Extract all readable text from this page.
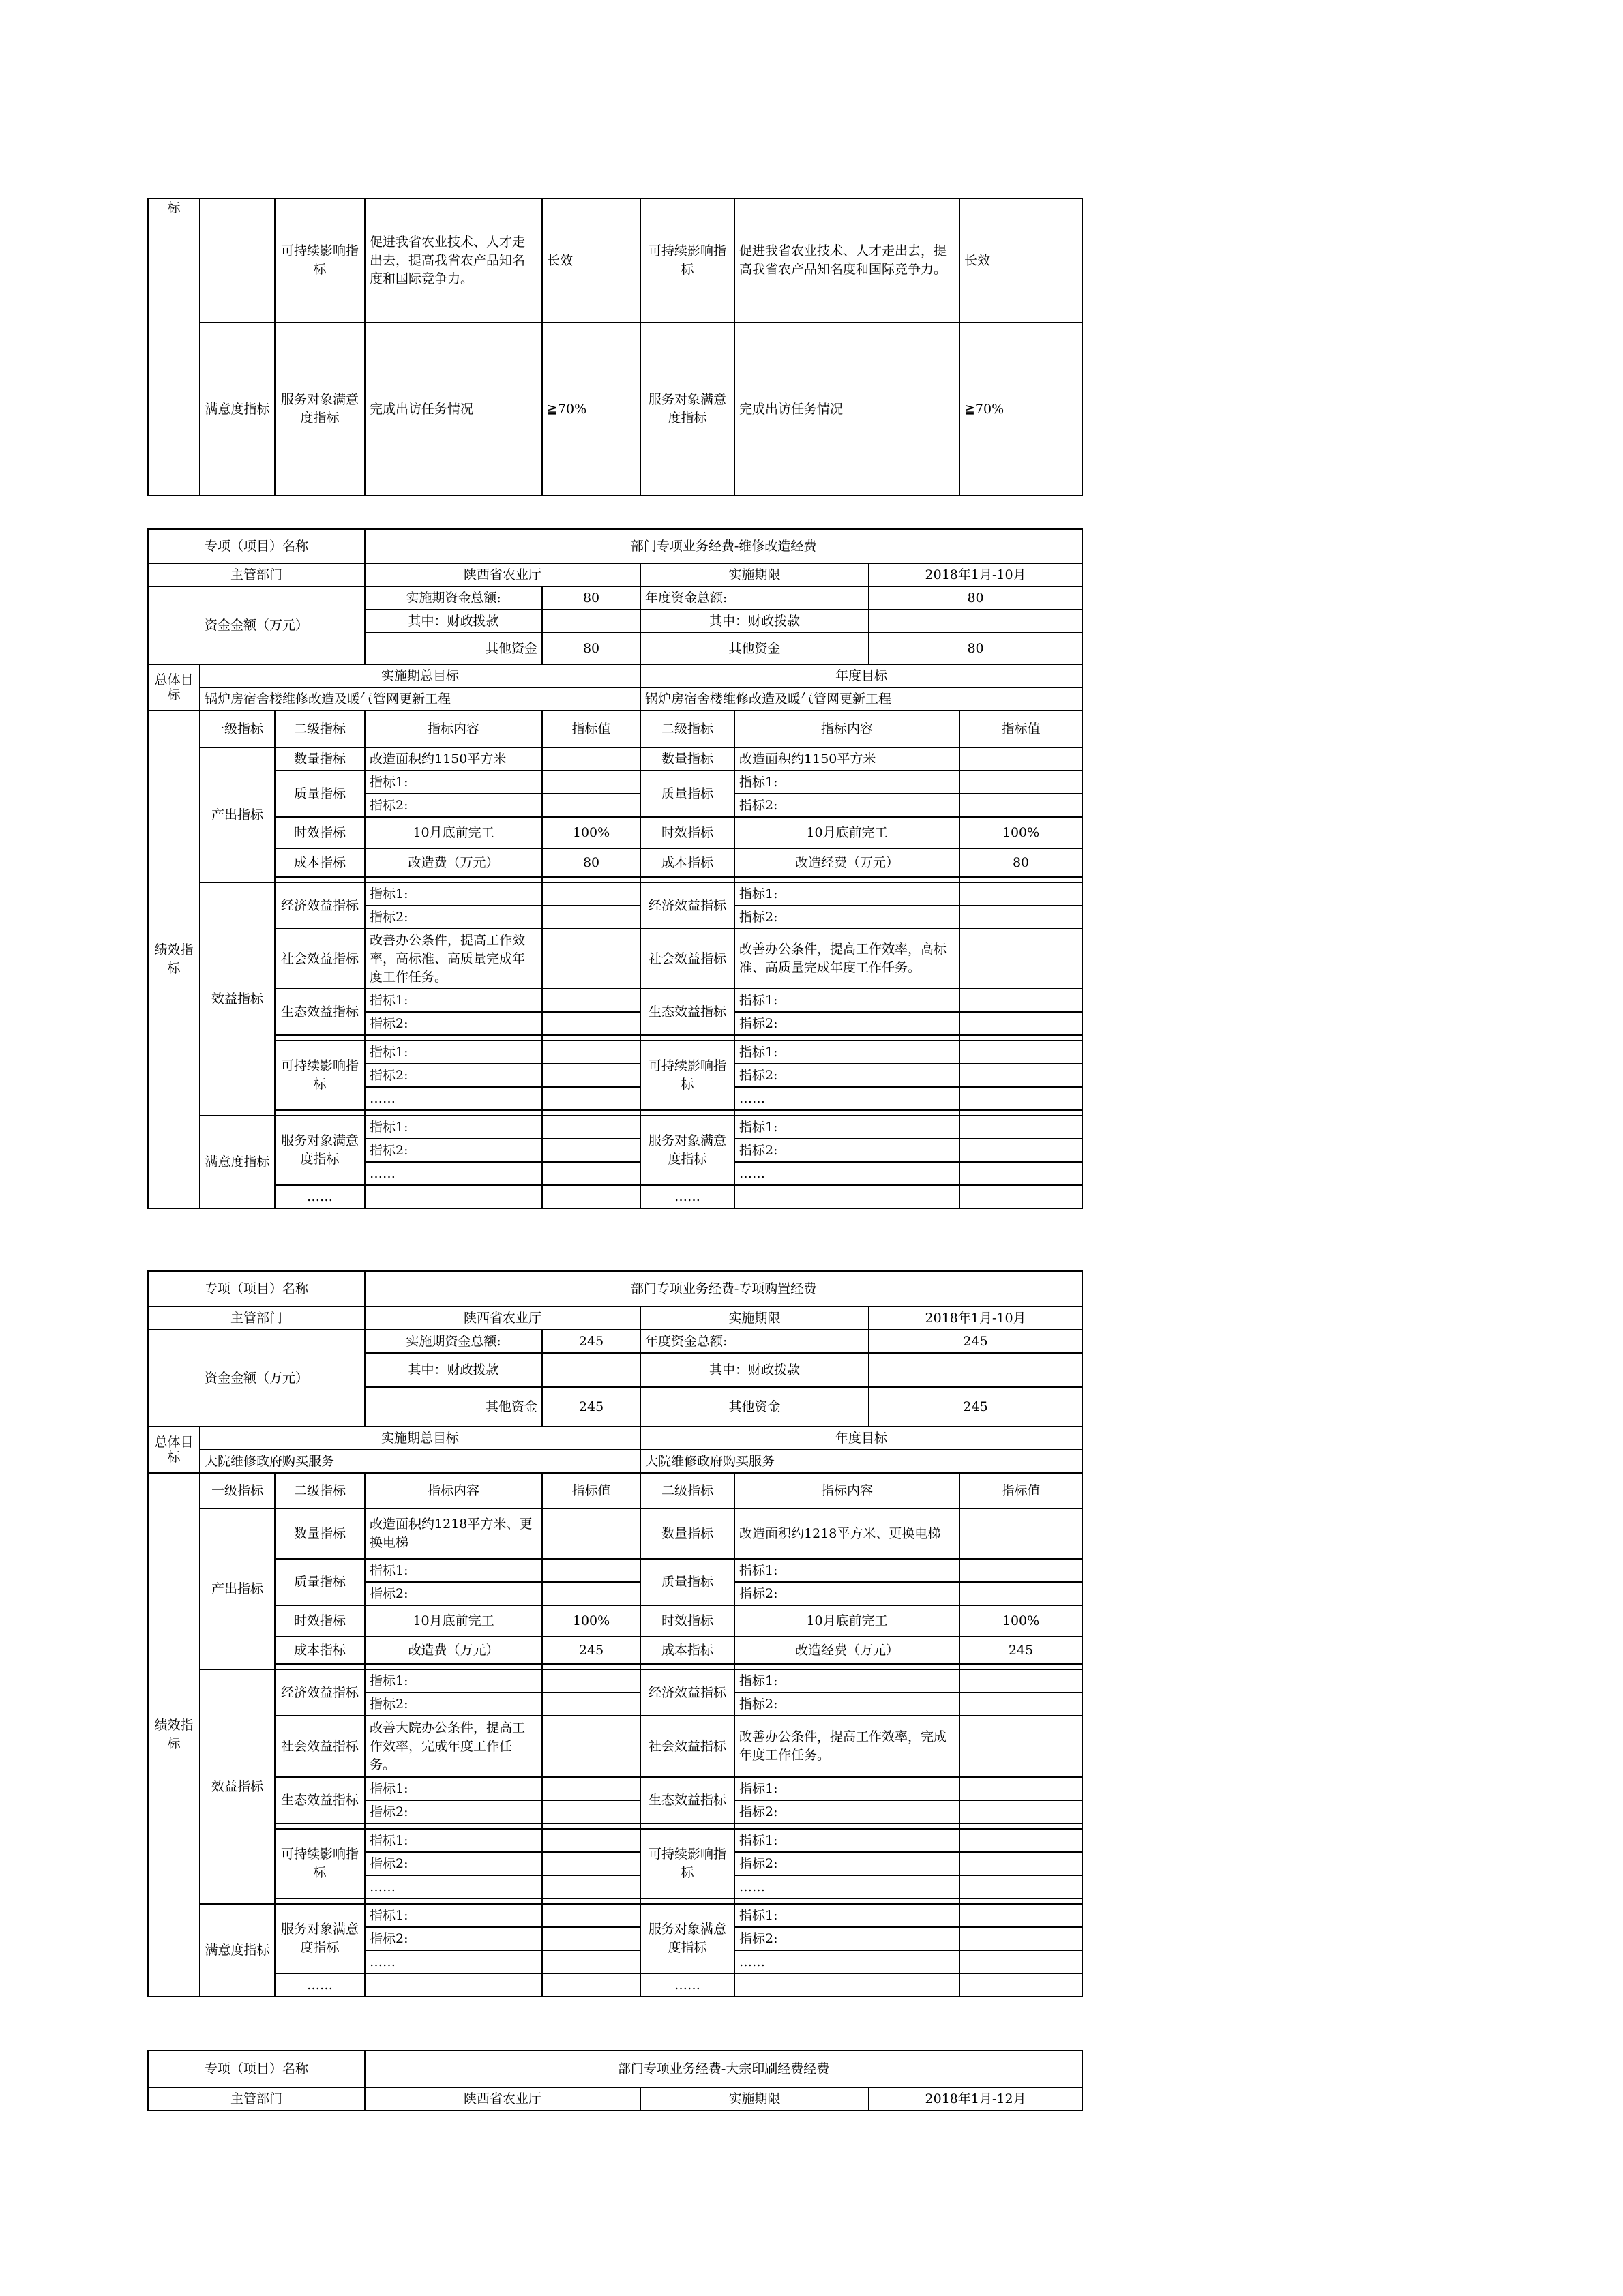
标		可持续影响指标	促进我省农业技术、人才走出去，提高我省农产品知名度和国际竞争力。	长效	可持续影响指标	促进我省农业技术、人才走出去，提高我省农产品知名度和国际竞争力。	长效
	满意度指标	服务对象满意度指标	完成出访任务情况	≧70%	服务对象满意度指标	完成出访任务情况	≧70%
专项（项目）名称			部门专项业务经费-维修改造经费					
主管部门			陕西省农业厅		实施期限		2018年1月-10月	
资金金额（万元）			实施期资金总额:	80	年度资金总额:		80	
			其中：财政拨款		其中：财政拨款			
			其他资金	80	其他资金		80	
总体目标	实施期总目标				年度目标			
	锅炉房宿舍楼维修改造及暖气管网更新工程				锅炉房宿舍楼维修改造及暖气管网更新工程			
绩效指标	一级指标	二级指标	指标内容	指标值	二级指标	指标内容		指标值
	产出指标	数量指标	改造面积约1150平方米		数量指标	改造面积约1150平方米		
		质量指标	指标1:		质量指标	指标1:		
			指标2:			指标2:		
		时效指标	10月底前完工	100%	时效指标	10月底前完工		100%
		成本指标	改造费（万元）	80	成本指标	改造经费（万元）		80

	效益指标	经济效益指标	指标1:		经济效益指标	指标1:		
			指标2:			指标2:		
		社会效益指标	改善办公条件，提高工作效率，高标准、高质量完成年度工作任务。		社会效益指标	改善办公条件，提高工作效率，高标准、高质量完成年度工作任务。		
		生态效益指标	指标1:		生态效益指标	指标1:		
			指标2:			指标2:		

		可持续影响指标	指标1:		可持续影响指标	指标1:		
			指标2:			指标2:		
			……			……		

	满意度指标	服务对象满意度指标	指标1:		服务对象满意度指标	指标1:		
			指标2:			指标2:		
			……			……		
		……			……			
专项（项目）名称			部门专项业务经费-专项购置经费					
主管部门			陕西省农业厅		实施期限		2018年1月-10月	
资金金额（万元）			实施期资金总额:	245	年度资金总额:		245	
			其中：财政拨款		其中：财政拨款			
			其他资金	245	其他资金		245	
总体目标	实施期总目标				年度目标			
	大院维修政府购买服务				大院维修政府购买服务			
绩效指标	一级指标	二级指标	指标内容	指标值	二级指标	指标内容		指标值
	产出指标	数量指标	改造面积约1218平方米、更换电梯		数量指标	改造面积约1218平方米、更换电梯		
		质量指标	指标1:		质量指标	指标1:		
			指标2:			指标2:		
		时效指标	10月底前完工	100%	时效指标	10月底前完工		100%
		成本指标	改造费（万元）	245	成本指标	改造经费（万元）		245

	效益指标	经济效益指标	指标1:		经济效益指标	指标1:		
			指标2:			指标2:		
		社会效益指标	改善大院办公条件，提高工作效率，完成年度工作任务。		社会效益指标	改善办公条件，提高工作效率，完成年度工作任务。		
		生态效益指标	指标1:		生态效益指标	指标1:		
			指标2:			指标2:		

		可持续影响指标	指标1:		可持续影响指标	指标1:		
			指标2:			指标2:		
			……			……		

	满意度指标	服务对象满意度指标	指标1:		服务对象满意度指标	指标1:		
			指标2:			指标2:		
			……			……		
		……			……			
专项（项目）名称	部门专项业务经费-大宗印刷经费经费		
主管部门	陕西省农业厅	实施期限	2018年1月-12月
